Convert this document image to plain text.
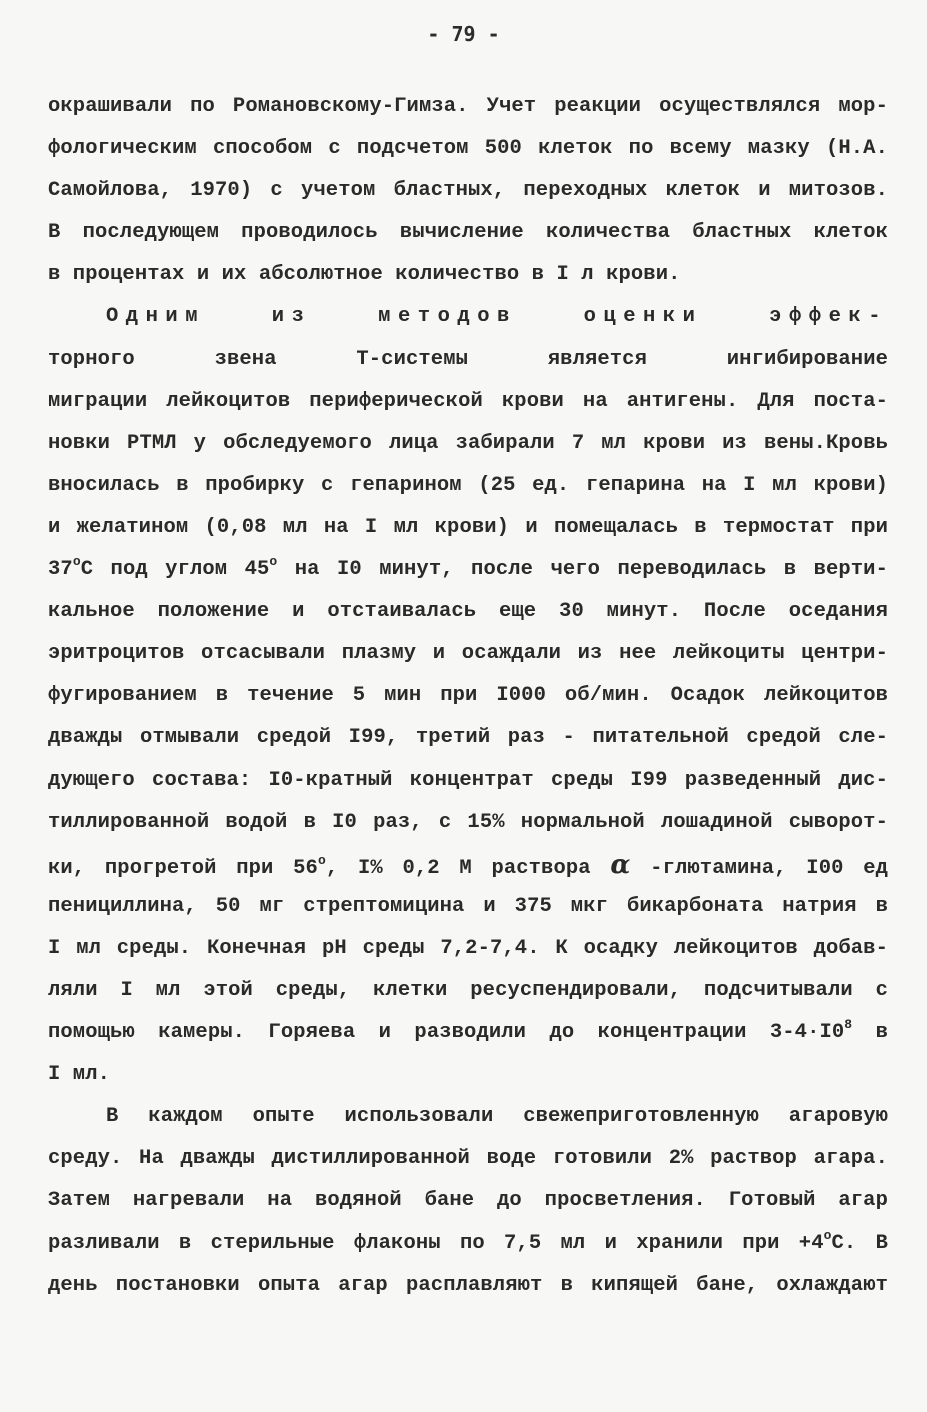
- 79 -
окрашивали по Романовскому-Гимза. Учет реакции осуществлялся мор-
фологическим способом с подсчетом 500 клеток по всему мазку (Н.А.
Самойлова, 1970) с учетом бластных, переходных клеток и митозов.
В последующем проводилось вычисление количества бластных клеток
в процентах и их абсолютное количество в I л крови.
Одним из методов оценки эффек-
торного звена Т-системы является ингибирование
миграции лейкоцитов периферической крови на антигены. Для поста-
новки РТМЛ у обследуемого лица забирали 7 мл крови из вены.Кровь
вносилась в пробирку с гепарином (25 ед. гепарина на I мл крови)
и желатином (0,08 мл на I мл крови) и помещалась в термостат при
37$^o$C под углом 45$^o$ на I0 минут, после чего переводилась в верти-
кальное положение и отстаивалась еще 30 минут. После оседания
эритроцитов отсасывали плазму и осаждали из нее лейкоциты центри-
фугированием в течение 5 мин при I000 об/мин. Осадок лейкоцитов
дважды отмывали средой I99, третий раз - питательной средой сле-
дующего состава: I0-кратный концентрат среды I99 разведенный дис-
тиллированной водой в I0 раз, с 15% нормальной лошадиной сыворот-
ки, прогретой при 56$^o$, I% 0,2 М раствора α -глютамина, I00 ед
пенициллина, 50 мг стрептомицина и 375 мкг бикарбоната натрия в
I мл среды. Конечная pH среды 7,2-7,4. К осадку лейкоцитов добав-
ляли I мл этой среды, клетки ресуспендировали, подсчитывали с
помощью камеры. Горяева и разводили до концентрации $3-4\cdot I0^8$ в
I мл.
В каждом опыте использовали свежеприготовленную агаровую
среду. На дважды дистиллированной воде готовили 2% раствор агара.
Затем нагревали на водяной бане до просветления. Готовый агар
разливали в стерильные флаконы по 7,5 мл и хранили при $+4^oC$. В
день постановки опыта агар расплавляют в кипящей бане, охлаждают
